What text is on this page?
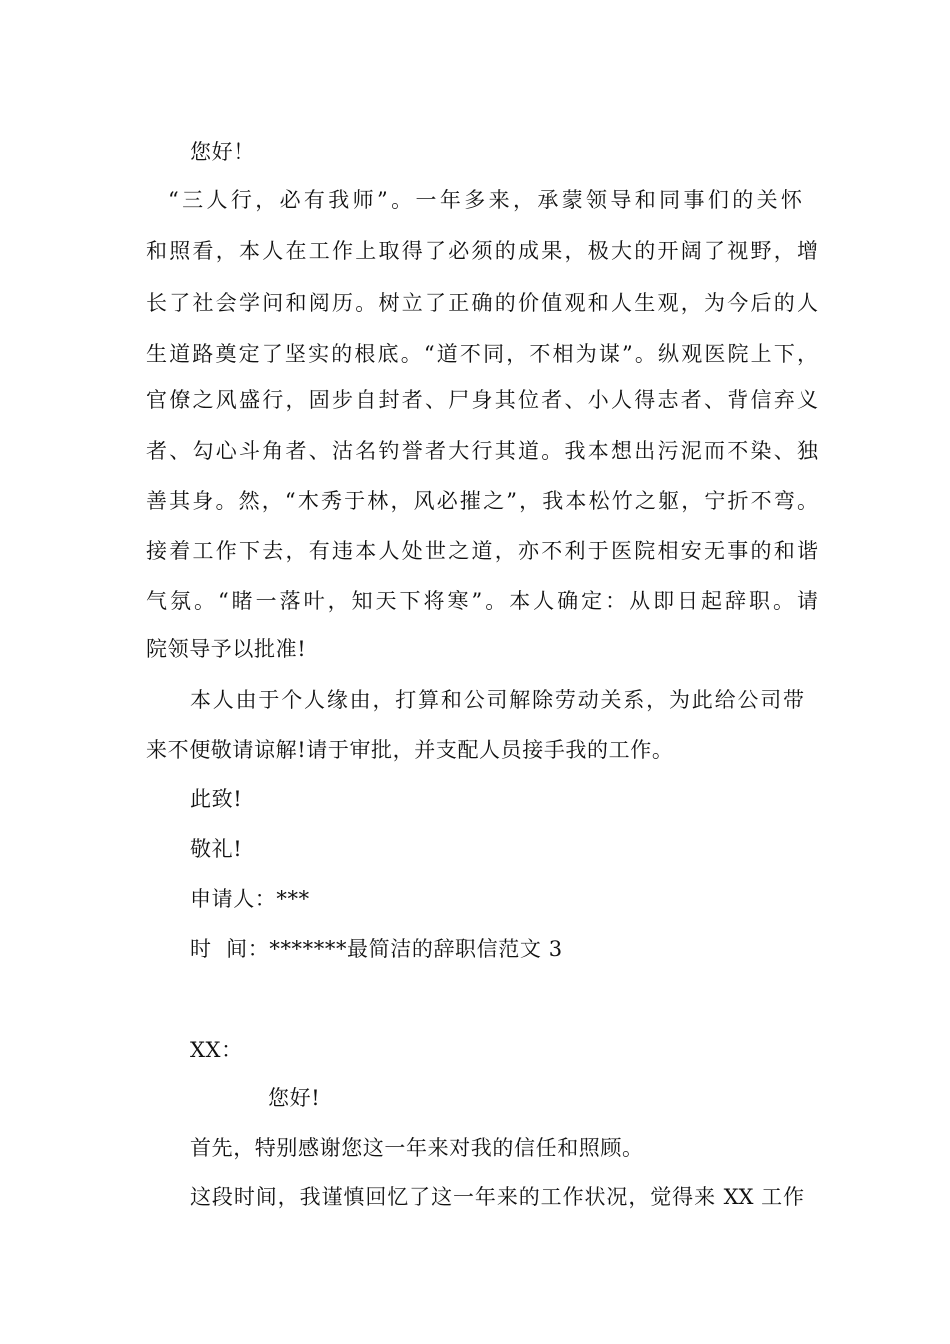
您好！
“三人行，必有我师”。一年多来，承蒙领导和同事们的关怀
和照看，本人在工作上取得了必须的成果，极大的开阔了视野，增
长了社会学问和阅历。树立了正确的价值观和人生观，为今后的人
生道路奠定了坚实的根底。“道不同，不相为谋”。纵观医院上下，
官僚之风盛行，固步自封者、尸身其位者、小人得志者、背信弃义
者、勾心斗角者、沽名钓誉者大行其道。我本想出污泥而不染、独
善其身。然，“木秀于林，风必摧之”，我本松竹之躯，宁折不弯。
接着工作下去，有违本人处世之道，亦不利于医院相安无事的和谐
气氛。“睹一落叶，知天下将寒”。本人确定：从即日起辞职。请
院领导予以批准!
本人由于个人缘由，打算和公司解除劳动关系，为此给公司带
来不便敬请谅解!请于审批，并支配人员接手我的工作。
此致!
敬礼!
申请人：***
时  间：*******最简洁的辞职信范文 3
XX：
您好!
首先，特别感谢您这一年来对我的信任和照顾。
这段时间，我谨慎回忆了这一年来的工作状况，觉得来 XX 工作
